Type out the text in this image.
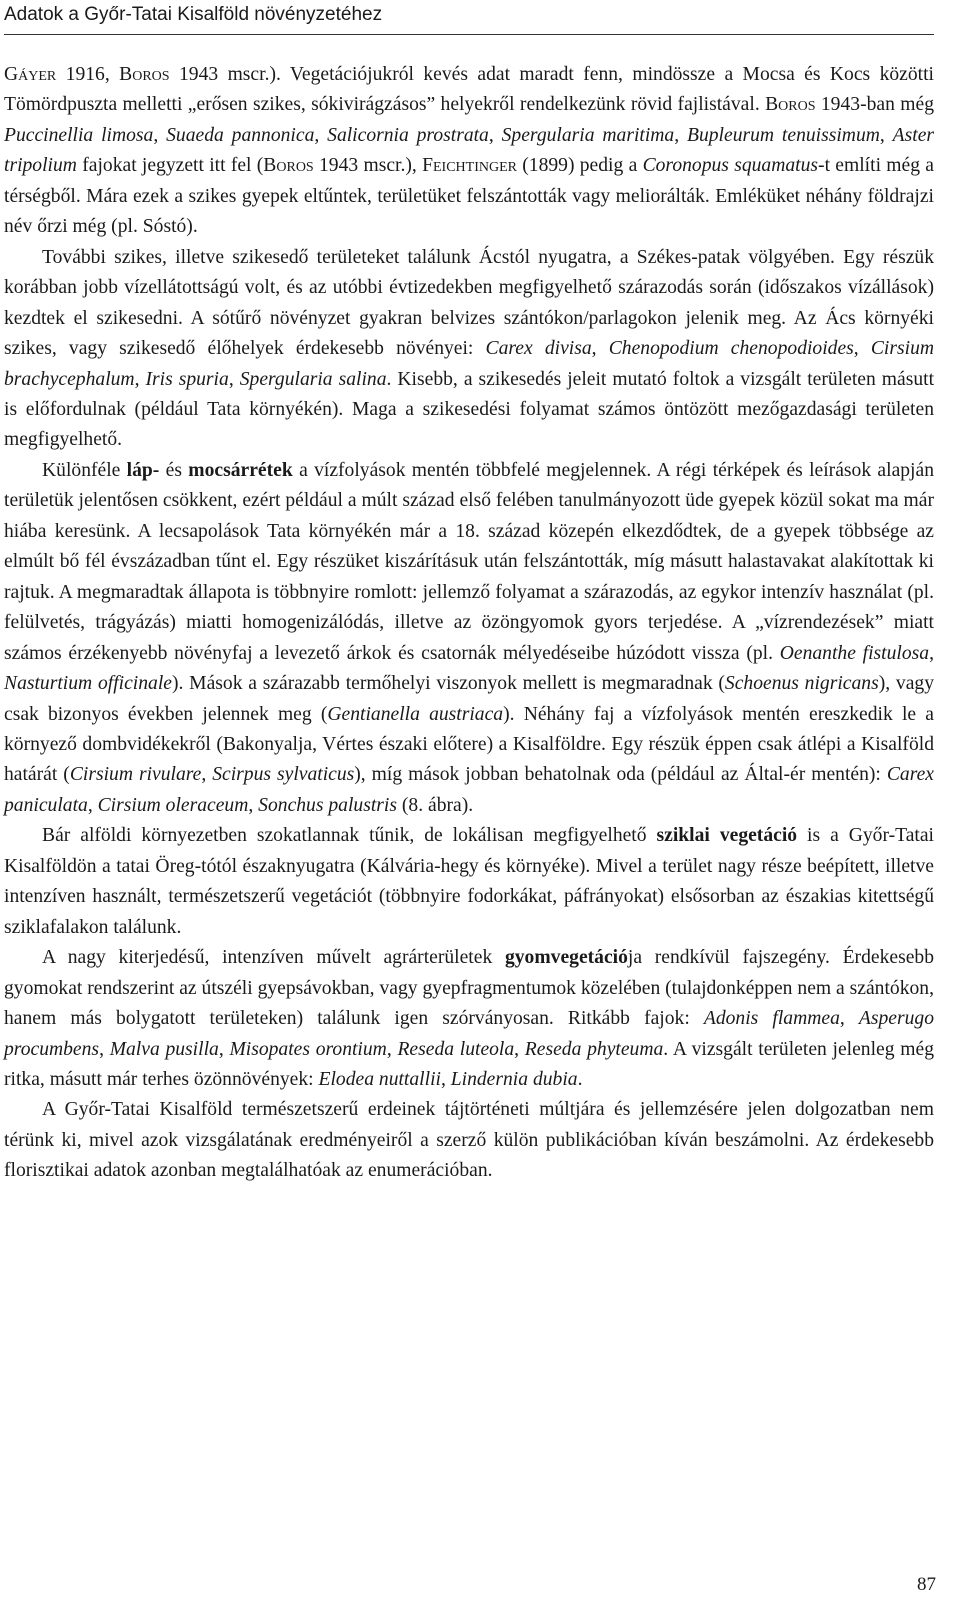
Adatok a Győr-Tatai Kisalföld növényzetéhez

Gáyer 1916, Boros 1943 mscr.). Vegetációjukról kevés adat maradt fenn, mindössze a Mocsa és Kocs közötti Tömördpuszta melletti „erősen szikes, sókivirágzásos” helyekről rendelkezünk rövid fajlistával. Boros 1943-ban még Puccinellia limosa, Suaeda pannonica, Salicornia prostrata, Spergularia maritima, Bupleurum tenuissimum, Aster tripolium fajokat jegyzett itt fel (Boros 1943 mscr.), Feichtinger (1899) pedig a Coronopus squamatus-t említi még a térségből. Mára ezek a szikes gyepek eltűntek, területüket felszántották vagy meliorálták. Emléküket néhány földrajzi név őrzi még (pl. Sóstó).

További szikes, illetve szikesedő területeket találunk Ácstól nyugatra, a Székes-patak völgyében. Egy részük korábban jobb vízellátottságú volt, és az utóbbi évtizedekben megfigyelhető szárazodás során (időszakos vízállások) kezdtek el szikesedni. A sótűrő növényzet gyakran belvizes szántókon/parlagokon jelenik meg. Az Ács környéki szikes, vagy szikesedő élőhelyek érdekesebb növényei: Carex divisa, Chenopodium chenopodioides, Cirsium brachycephalum, Iris spuria, Spergularia salina. Kisebb, a szikesedés jeleit mutató foltok a vizsgált területen másutt is előfordulnak (például Tata környékén). Maga a szikesedési folyamat számos öntözött mezőgazdasági területen megfigyelhető.

Különféle láp- és mocsárrétek a vízfolyások mentén többfelé megjelennek. A régi térképek és leírások alapján területük jelentősen csökkent, ezért például a múlt század első felében tanulmányozott üde gyepek közül sokat ma már hiába keresünk. A lecsapolások Tata környékén már a 18. század közepén elkezdődtek, de a gyepek többsége az elmúlt bő fél évszázadban tűnt el. Egy részüket kiszárításuk után felszántották, míg másutt halastavakat alakítottak ki rajtuk. A megmaradtak állapota is többnyire romlott: jellemző folyamat a szárazodás, az egykor intenzív használat (pl. felülvetés, trágyázás) miatti homogenizálódás, illetve az özöngyomok gyors terjedése. A „vízrendezések” miatt számos érzékenyebb növényfaj a levezető árkok és csatornák mélyedéseibe húzódott vissza (pl. Oenanthe fistulosa, Nasturtium officinale). Mások a szárazabb termőhelyi viszonyok mellett is megmaradnak (Schoenus nigricans), vagy csak bizonyos években jelennek meg (Gentianella austriaca). Néhány faj a vízfolyások mentén ereszkedik le a környező dombvidékekről (Bakonyalja, Vértes északi előtere) a Kisalföldre. Egy részük éppen csak átlépi a Kisalföld határát (Cirsium rivulare, Scirpus sylvaticus), míg mások jobban behatolnak oda (például az Által-ér mentén): Carex paniculata, Cirsium oleraceum, Sonchus palustris (8. ábra).

Bár alföldi környezetben szokatlannak tűnik, de lokálisan megfigyelhető sziklai vegetáció is a Győr-Tatai Kisalföldön a tatai Öreg-tótól északnyugatra (Kálvária-hegy és környéke). Mivel a terület nagy része beépített, illetve intenzíven használt, természetszerű vegetációt (többnyire fodorkákat, páfrányokat) elsősorban az északias kitettségű sziklafalakon találunk.

A nagy kiterjedésű, intenzíven művelt agrárterületek gyomvegetációja rendkívül fajszegény. Érdekesebb gyomokat rendszerint az útszéli gyepsávokban, vagy gyepfragmentumok közelében (tulajdonképpen nem a szántókon, hanem más bolygatott területeken) találunk igen szórványosan. Ritkább fajok: Adonis flammea, Asperugo procumbens, Malva pusilla, Misopates orontium, Reseda luteola, Reseda phyteuma. A vizsgált területen jelenleg még ritka, másutt már terhes özönnövények: Elodea nuttallii, Lindernia dubia.

A Győr-Tatai Kisalföld természetszerű erdeinek tájtörténeti múltjára és jellemzésére jelen dolgozatban nem térünk ki, mivel azok vizsgálatának eredményeiről a szerző külön publikációban kíván beszámolni. Az érdekesebb florisztikai adatok azonban megtalálhatóak az enumerációban.

87
